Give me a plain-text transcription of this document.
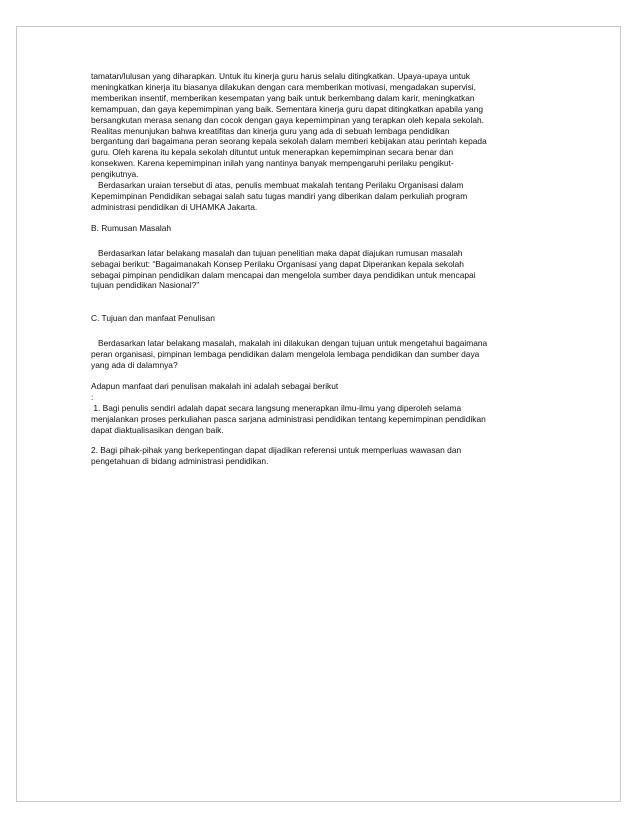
tamatan/lulusan yang diharapkan. Untuk itu kinerja guru harus selalu ditingkatkan. Upaya-upaya untuk

meningkatkan kinerja itu biasanya dilakukan dengan cara memberikan motivasi, mengadakan supervisi,

memberikan insentif, memberikan kesempatan yang baik untuk berkembang dalam karir, meningkatkan

kemampuan, dan gaya kepemimpinan yang baik. Sementara kinerja guru dapat ditingkatkan apabila yang

bersangkutan merasa senang dan cocok dengan gaya kepemimpinan yang terapkan oleh kepala sekolah.

Realitas menunjukan bahwa kreatifitas dan kinerja guru yang ada di sebuah lembaga pendidikan

bergantung dari bagaimana peran seorang kepala sekolah dalam memberi kebijakan atau perintah kepada

guru. Oleh karena itu kepala sekolah dituntut untuk menerapkan kepemimpinan secara benar dan

konsekwen. Karena kepemimpinan inilah yang nantinya banyak mempengaruhi perilaku pengikut-

pengikutnya.

Berdasarkan uraian tersebut di atas, penulis membuat makalah tentang Perilaku Organisasi dalam

Kepemimpinan Pendidikan sebagai salah satu tugas mandiri yang diberikan dalam perkuliah program

administrasi pendidikan di UHAMKA Jakarta.

B. Rumusan Masalah

Berdasarkan latar belakang masalah dan tujuan penelitian maka dapat diajukan rumusan masalah

sebagai berikut: “Bagaimanakah Konsep Perilaku Organisasi yang dapat Diperankan kepala sekolah

sebagai pimpinan pendidikan dalam mencapai dan mengelola sumber daya pendidikan untuk mencapai

tujuan pendidikan Nasional?”

C. Tujuan dan manfaat Penulisan

Berdasarkan latar belakang masalah, makalah ini dilakukan dengan tujuan untuk mengetahui bagaimana

peran organisasi, pimpinan lembaga pendidikan dalam mengelola lembaga pendidikan dan sumber daya

yang ada di dalamnya?

Adapun manfaat dari penulisan makalah ini adalah sebagai berikut

:

1. Bagi penulis sendiri adalah dapat secara langsung menerapkan ilmu-ilmu yang diperoleh selama

menjalankan proses perkuliahan pasca sarjana administrasi pendidikan tentang kepemimpinan pendidikan

dapat diaktualisasikan dengan baik.

2. Bagi pihak-pihak yang berkepentingan dapat dijadikan referensi untuk memperluas wawasan dan

pengetahuan di bidang administrasi pendidikan.
